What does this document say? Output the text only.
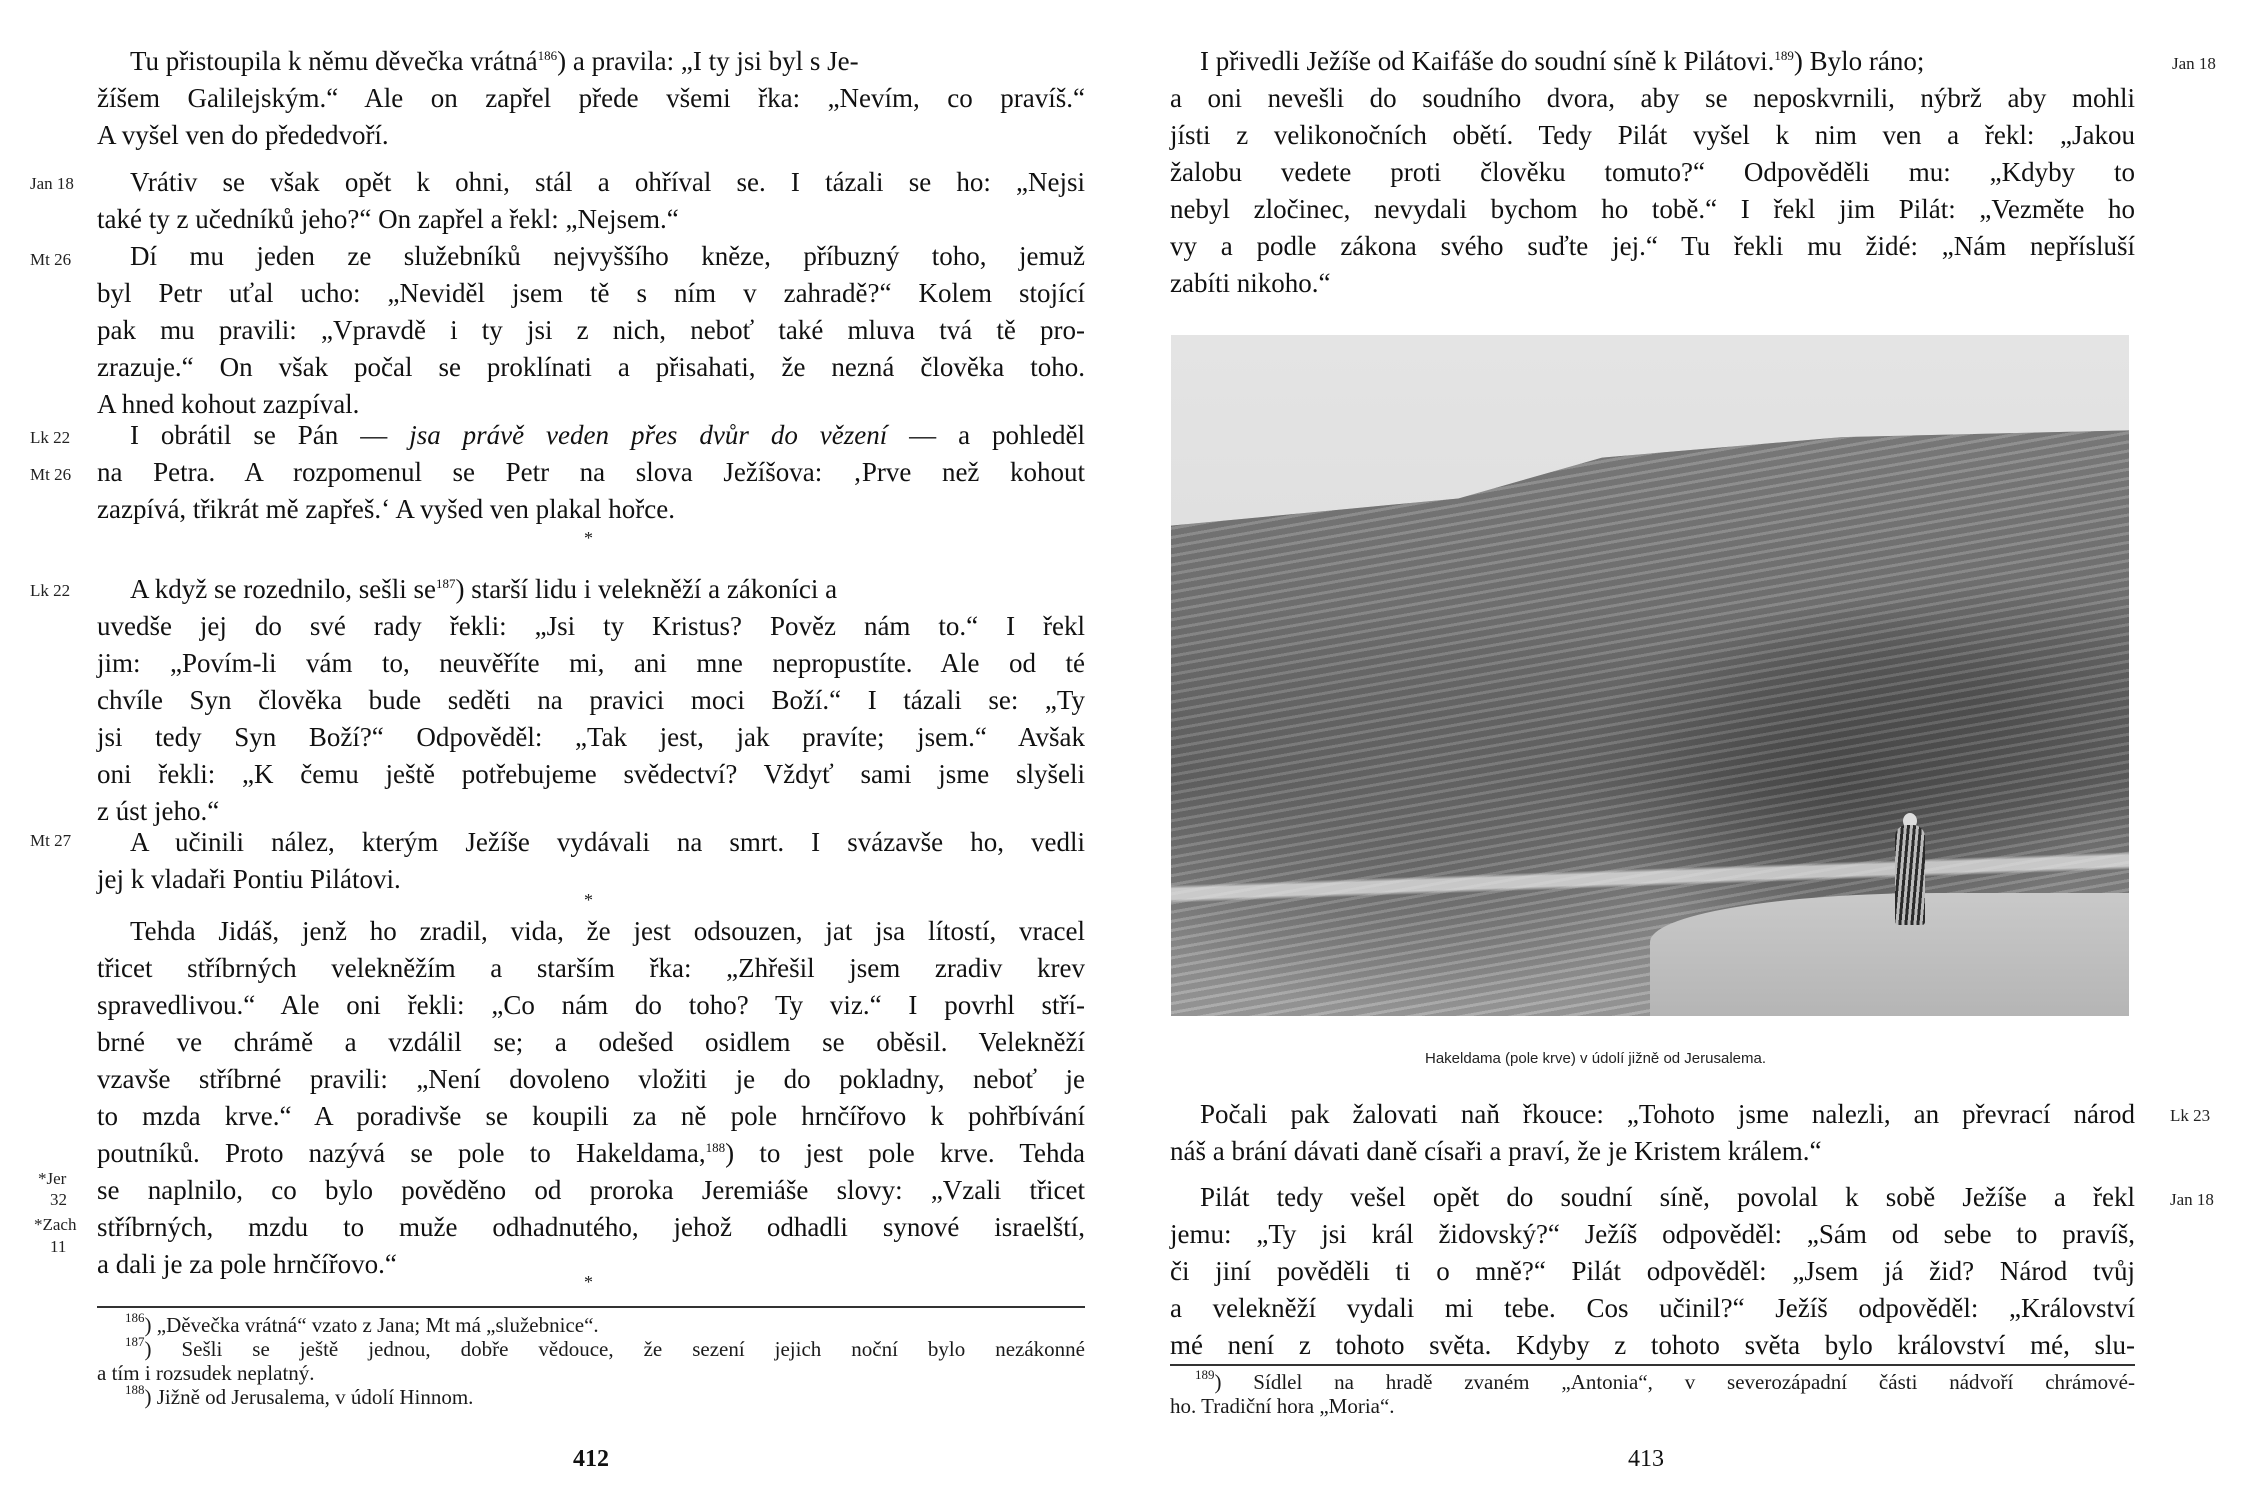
Jan 18
Mt 26
Lk 22
Mt 26
Lk 22
Mt 27
*Jer
32
*Zach
11
Tu přistoupila k němu děvečka vrátná$^{186}$) a pravila: „I ty jsi byl s Je-
žíšem Galilejským.“ Ale on zapřel přede všemi řka: „Nevím, co pravíš.“
A vyšel ven do přededvoří.
Vrátiv se však opět k ohni, stál a ohříval se. I tázali se ho: „Nejsi
také ty z učedníků jeho?“ On zapřel a řekl: „Nejsem.“
Dí mu jeden ze služebníků nejvyššího kněze, příbuzný toho, jemuž
byl Petr uťal ucho: „Neviděl jsem tě s ním v zahradě?“ Kolem stojící
pak mu pravili: „Vpravdě i ty jsi z nich, neboť také mluva tvá tě pro-
zrazuje.“ On však počal se proklínati a přisahati, že nezná člověka toho.
A hned kohout zazpíval.
I obrátil se Pán — jsa právě veden přes dvůr do vězení — a pohleděl
na Petra. A rozpomenul se Petr na slova Ježíšova: ‚Prve než kohout
zazpívá, třikrát mě zapřeš.‘ A vyšed ven plakal hořce.
*
A když se rozednilo, sešli $se^{187}$) starší lidu i velekněží a zákoníci a
uvedše jej do své rady řekli: „Jsi ty Kristus? Pověz nám to.“ I řekl
jim: „Povím-li vám to, neuvěříte mi, ani mne nepropustíte. Ale od té
chvíle Syn člověka bude seděti na pravici moci Boží.“ I tázali se: „Ty
jsi tedy Syn Boží?“ Odpověděl: „Tak jest, jak pravíte; jsem.“ Avšak
oni řekli: „K čemu ještě potřebujeme svědectví? Vždyť sami jsme slyšeli
z úst jeho.“
A učinili nález, kterým Ježíše vydávali na smrt. I svázavše ho, vedli
jej k vladaři Pontiu Pilátovi.
*
Tehda Jidáš, jenž ho zradil, vida, že jest odsouzen, jat jsa lítostí, vracel
třicet stříbrných velekněžím a starším řka: „Zhřešil jsem zradiv krev
spravedlivou.“ Ale oni řekli: „Co nám do toho? Ty viz.“ I povrhl stří-
brné ve chrámě a vzdálil se; a odešed osidlem se oběsil. Velekněží
vzavše stříbrné pravili: „Není dovoleno vložiti je do pokladny, neboť je
to mzda krve.“ A poradivše se koupili za ně pole hrnčířovo k pohřbívání
poutníků. Proto nazývá se pole to Hakeldama,$^{188}$) to jest pole krve. Tehda
se naplnilo, co bylo pověděno od proroka Jeremiáše slovy: „Vzali třicet
stříbrných, mzdu to muže odhadnutého, jehož odhadli synové israelští,
a dali je za pole hrnčířovo.“
*
$^{186}$) „Děvečka vrátná“ vzato z Jana; Mt má „služebnice“.
$^{187}$) Sešli se ještě jednou, dobře vědouce, že sezení jejich noční bylo nezákonné
a tím i rozsudek neplatný.
$^{188}$) Jižně od Jerusalema, v údolí Hinnom.
412
I přivedli Ježíše od Kaifáše do soudní síně k Pilátovi.$^{189}$) Bylo ráno;	Jan 18
a oni nevešli do soudního dvora, aby se neposkvrnili, nýbrž aby mohli
jísti z velikonočních obětí. Tedy Pilát vyšel k nim ven a řekl: „Jakou
žalobu vedete proti člověku tomuto?“ Odpověděli mu: „Kdyby to
nebyl zločinec, nevydali bychom ho tobě.“ I řekl jim Pilát: „Vezměte ho
vy a podle zákona svého suďte jej.“ Tu řekli mu židé: „Nám nepřísluší
zabíti nikoho.“
Hakeldama (pole krve) v údolí jižně od Jerusalema.
Počali pak žalovati naň řkouce: „Tohoto jsme nalezli, an převrací národ Lk 23
náš a brání dávati daně císaři a praví, že je Kristem králem.“
Pilát tedy vešel opět do soudní síně, povolal k sobě Ježíše a řekl Jan 18
jemu: „Ty jsi král židovský?“ Ježíš odpověděl: „Sám od sebe to pravíš,
či jiní pověděli ti o mně?“ Pilát odpověděl: „Jsem já žid? Národ tvůj
a velekněží vydali mi tebe. Cos učinil?“ Ježíš odpověděl: „Království
mé není z tohoto světa. Kdyby z tohoto světa bylo království mé, slu-
$^{189}$) Sídlel na hradě zvaném „Antonia“, v severozápadní části nádvoří chrámové-
ho. Tradiční hora „Moria“.
413
